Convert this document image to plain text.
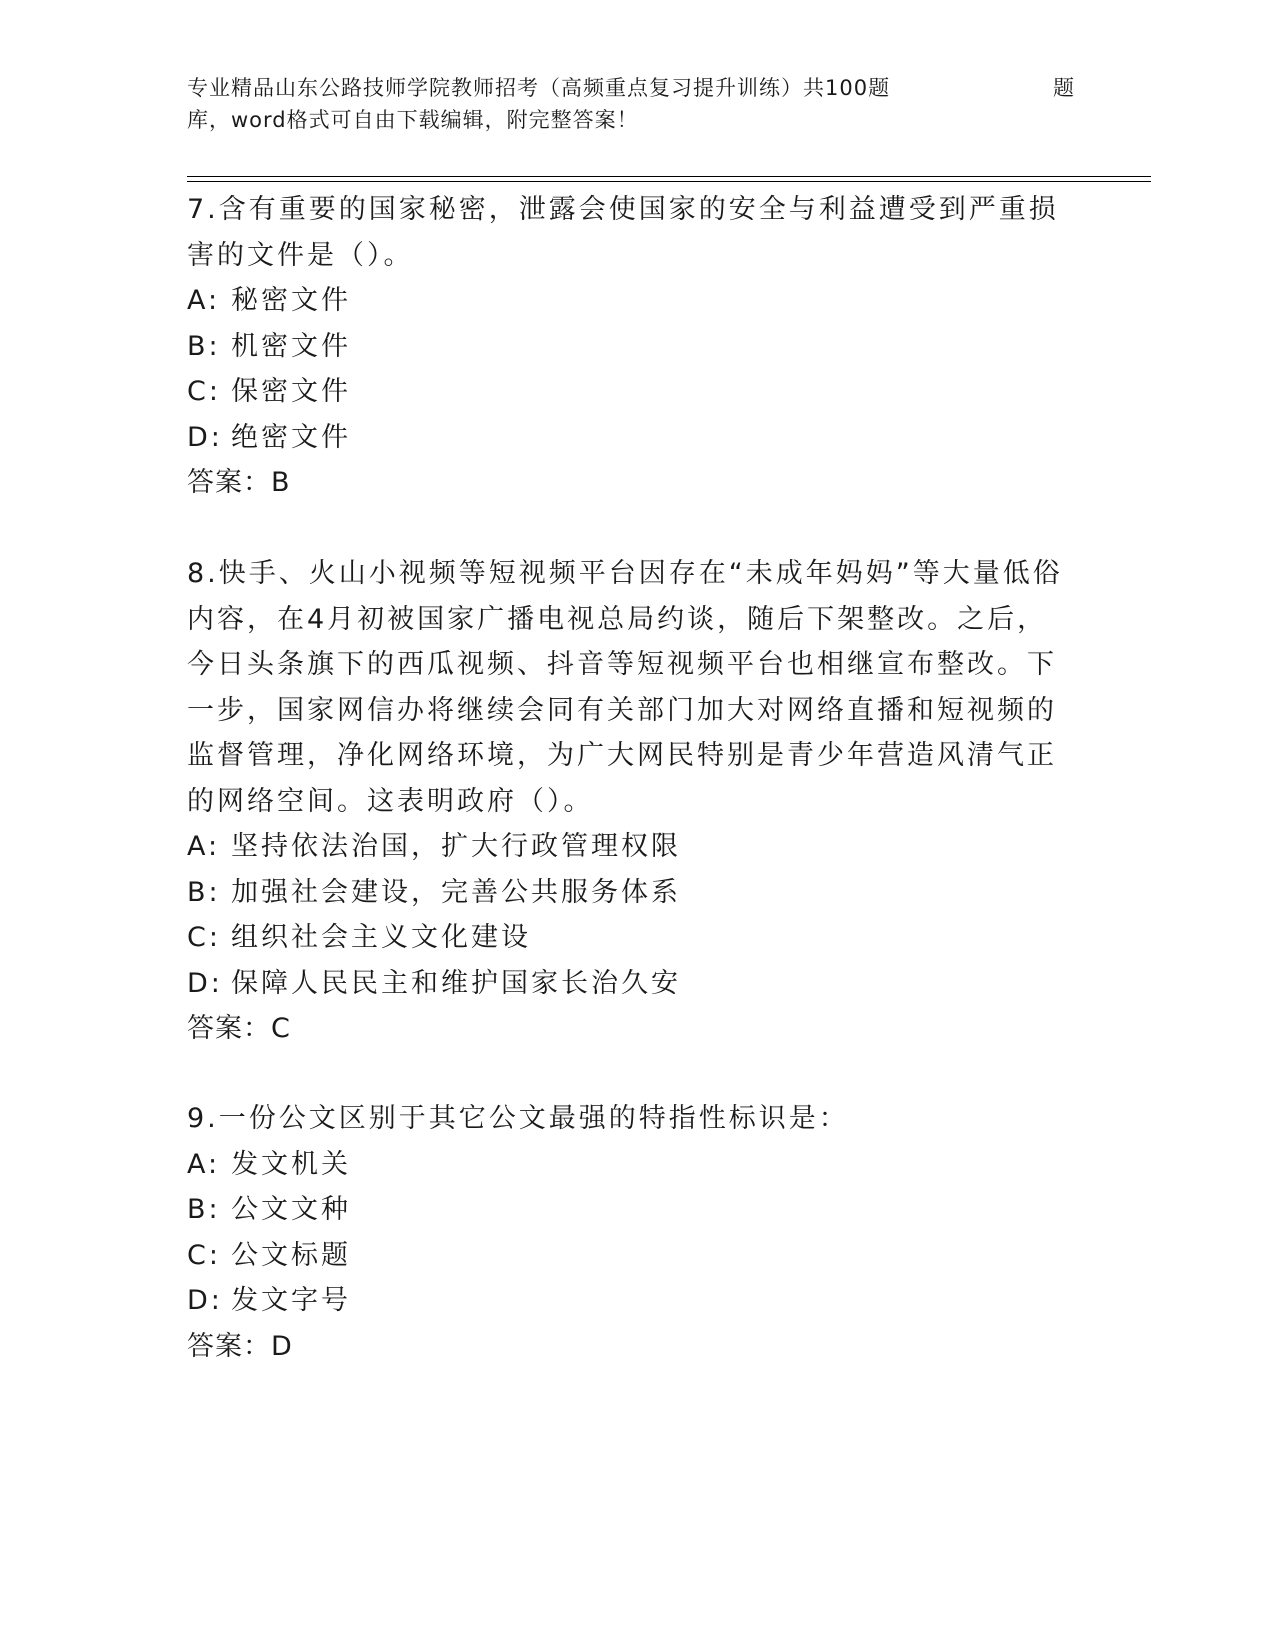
专业精品山东公路技师学院教师招考（高频重点复习提升训练）共100题	题
库，word格式可自由下载编辑，附完整答案！

7.含有重要的国家秘密，泄露会使国家的安全与利益遭受到严重损害的文件是（）。

A: 秘密文件

B: 机密文件

C: 保密文件

D: 绝密文件

答案：B

8.快手、火山小视频等短视频平台因存在“未成年妈妈”等大量低俗内容，在4月初被国家广播电视总局约谈，随后下架整改。之后，今日头条旗下的西瓜视频、抖音等短视频平台也相继宣布整改。下一步，国家网信办将继续会同有关部门加大对网络直播和短视频的监督管理，净化网络环境，为广大网民特别是青少年营造风清气正的网络空间。这表明政府（）。

A: 坚持依法治国，扩大行政管理权限

B: 加强社会建设，完善公共服务体系

C: 组织社会主义文化建设

D: 保障人民民主和维护国家长治久安

答案：C

9.一份公文区别于其它公文最强的特指性标识是：

A: 发文机关

B: 公文文种

C: 公文标题

D: 发文字号

答案：D
